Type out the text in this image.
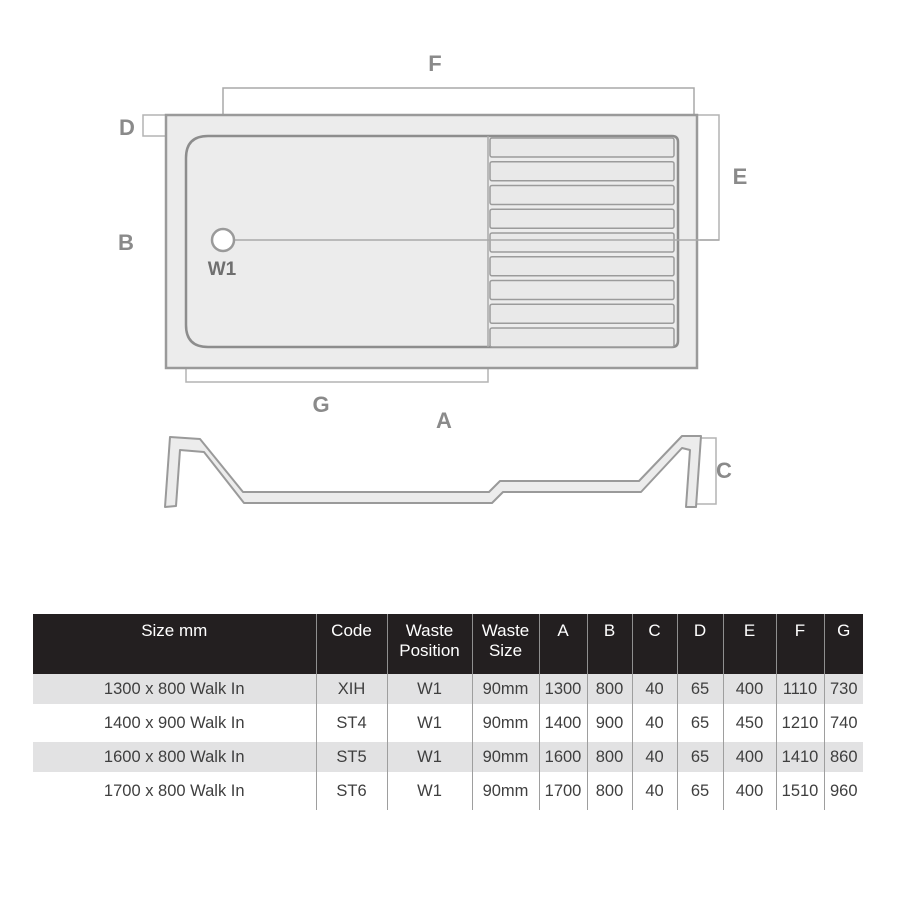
F
D
B
E
G
A
W1
C
Size mm	Code	Waste Position	Waste Size	A	B	C	D	E	F	G
1300 x 800 Walk In	XIH	W1	90mm	1300	800	40	65	400	1110	730
1400 x 900 Walk In	ST4	W1	90mm	1400	900	40	65	450	1210	740
1600 x 800 Walk In	ST5	W1	90mm	1600	800	40	65	400	1410	860
1700 x 800 Walk In	ST6	W1	90mm	1700	800	40	65	400	1510	960
